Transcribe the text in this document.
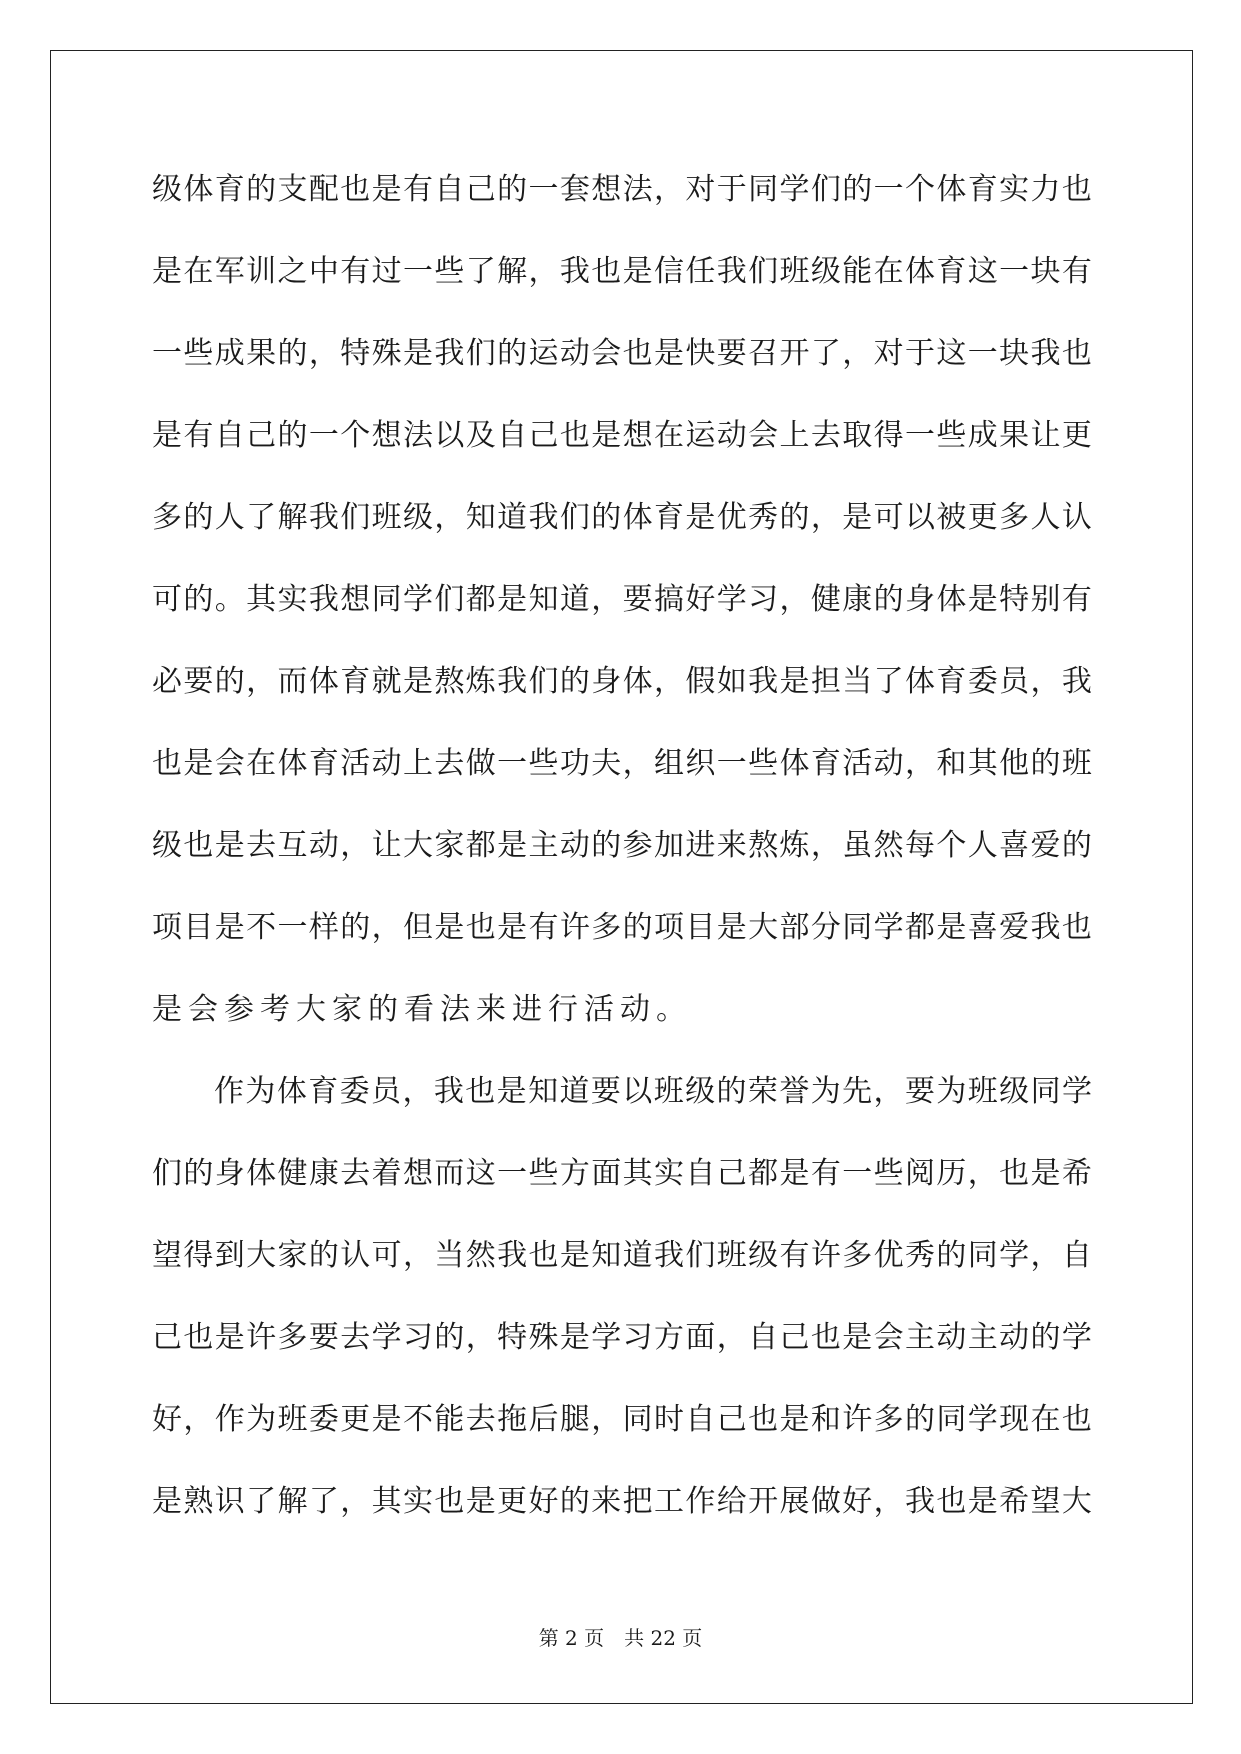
级 体 育 的 支 配 也 是 有 自 己 的 一 套 想 法 ， 对 于 同 学 们 的 一 个 体 育 实 力 也
是 在 军 训 之 中 有 过 一 些 了 解 ， 我 也 是 信 任 我 们 班 级 能 在 体 育 这 一 块 有
一 些 成 果 的 ， 特 殊 是 我 们 的 运 动 会 也 是 快 要 召 开 了 ， 对 于 这 一 块 我 也
是 有 自 己 的 一 个 想 法 以 及 自 己 也 是 想 在 运 动 会 上 去 取 得 一 些 成 果 让 更
多 的 人 了 解 我 们 班 级 ， 知 道 我 们 的 体 育 是 优 秀 的 ， 是 可 以 被 更 多 人 认
可 的 。 其 实 我 想 同 学 们 都 是 知 道 ， 要 搞 好 学 习 ， 健 康 的 身 体 是 特 别 有
必 要 的 ， 而 体 育 就 是 熬 炼 我 们 的 身 体 ， 假 如 我 是 担 当 了 体 育 委 员 ， 我
也 是 会 在 体 育 活 动 上 去 做 一 些 功 夫 ， 组 织 一 些 体 育 活 动 ， 和 其 他 的 班
级 也 是 去 互 动 ， 让 大 家 都 是 主 动 的 参 加 进 来 熬 炼 ， 虽 然 每 个 人 喜 爱 的
项 目 是 不 一 样 的 ， 但 是 也 是 有 许 多 的 项 目 是 大 部 分 同 学 都 是 喜 爱 我 也
是会参考大家的看法来进行活动。
作 为 体 育 委 员 ， 我 也 是 知 道 要 以 班 级 的 荣 誉 为 先 ， 要 为 班 级 同 学
们 的 身 体 健 康 去 着 想 而 这 一 些 方 面 其 实 自 己 都 是 有 一 些 阅 历 ， 也 是 希
望 得 到 大 家 的 认 可 ， 当 然 我 也 是 知 道 我 们 班 级 有 许 多 优 秀 的 同 学 ， 自
己 也 是 许 多 要 去 学 习 的 ， 特 殊 是 学 习 方 面 ， 自 己 也 是 会 主 动 主 动 的 学
好 ， 作 为 班 委 更 是 不 能 去 拖 后 腿 ， 同 时 自 己 也 是 和 许 多 的 同 学 现 在 也
是 熟 识 了 解 了 ， 其 实 也 是 更 好 的 来 把 工 作 给 开 展 做 好 ， 我 也 是 希 望 大
第 2 页 共 22 页
